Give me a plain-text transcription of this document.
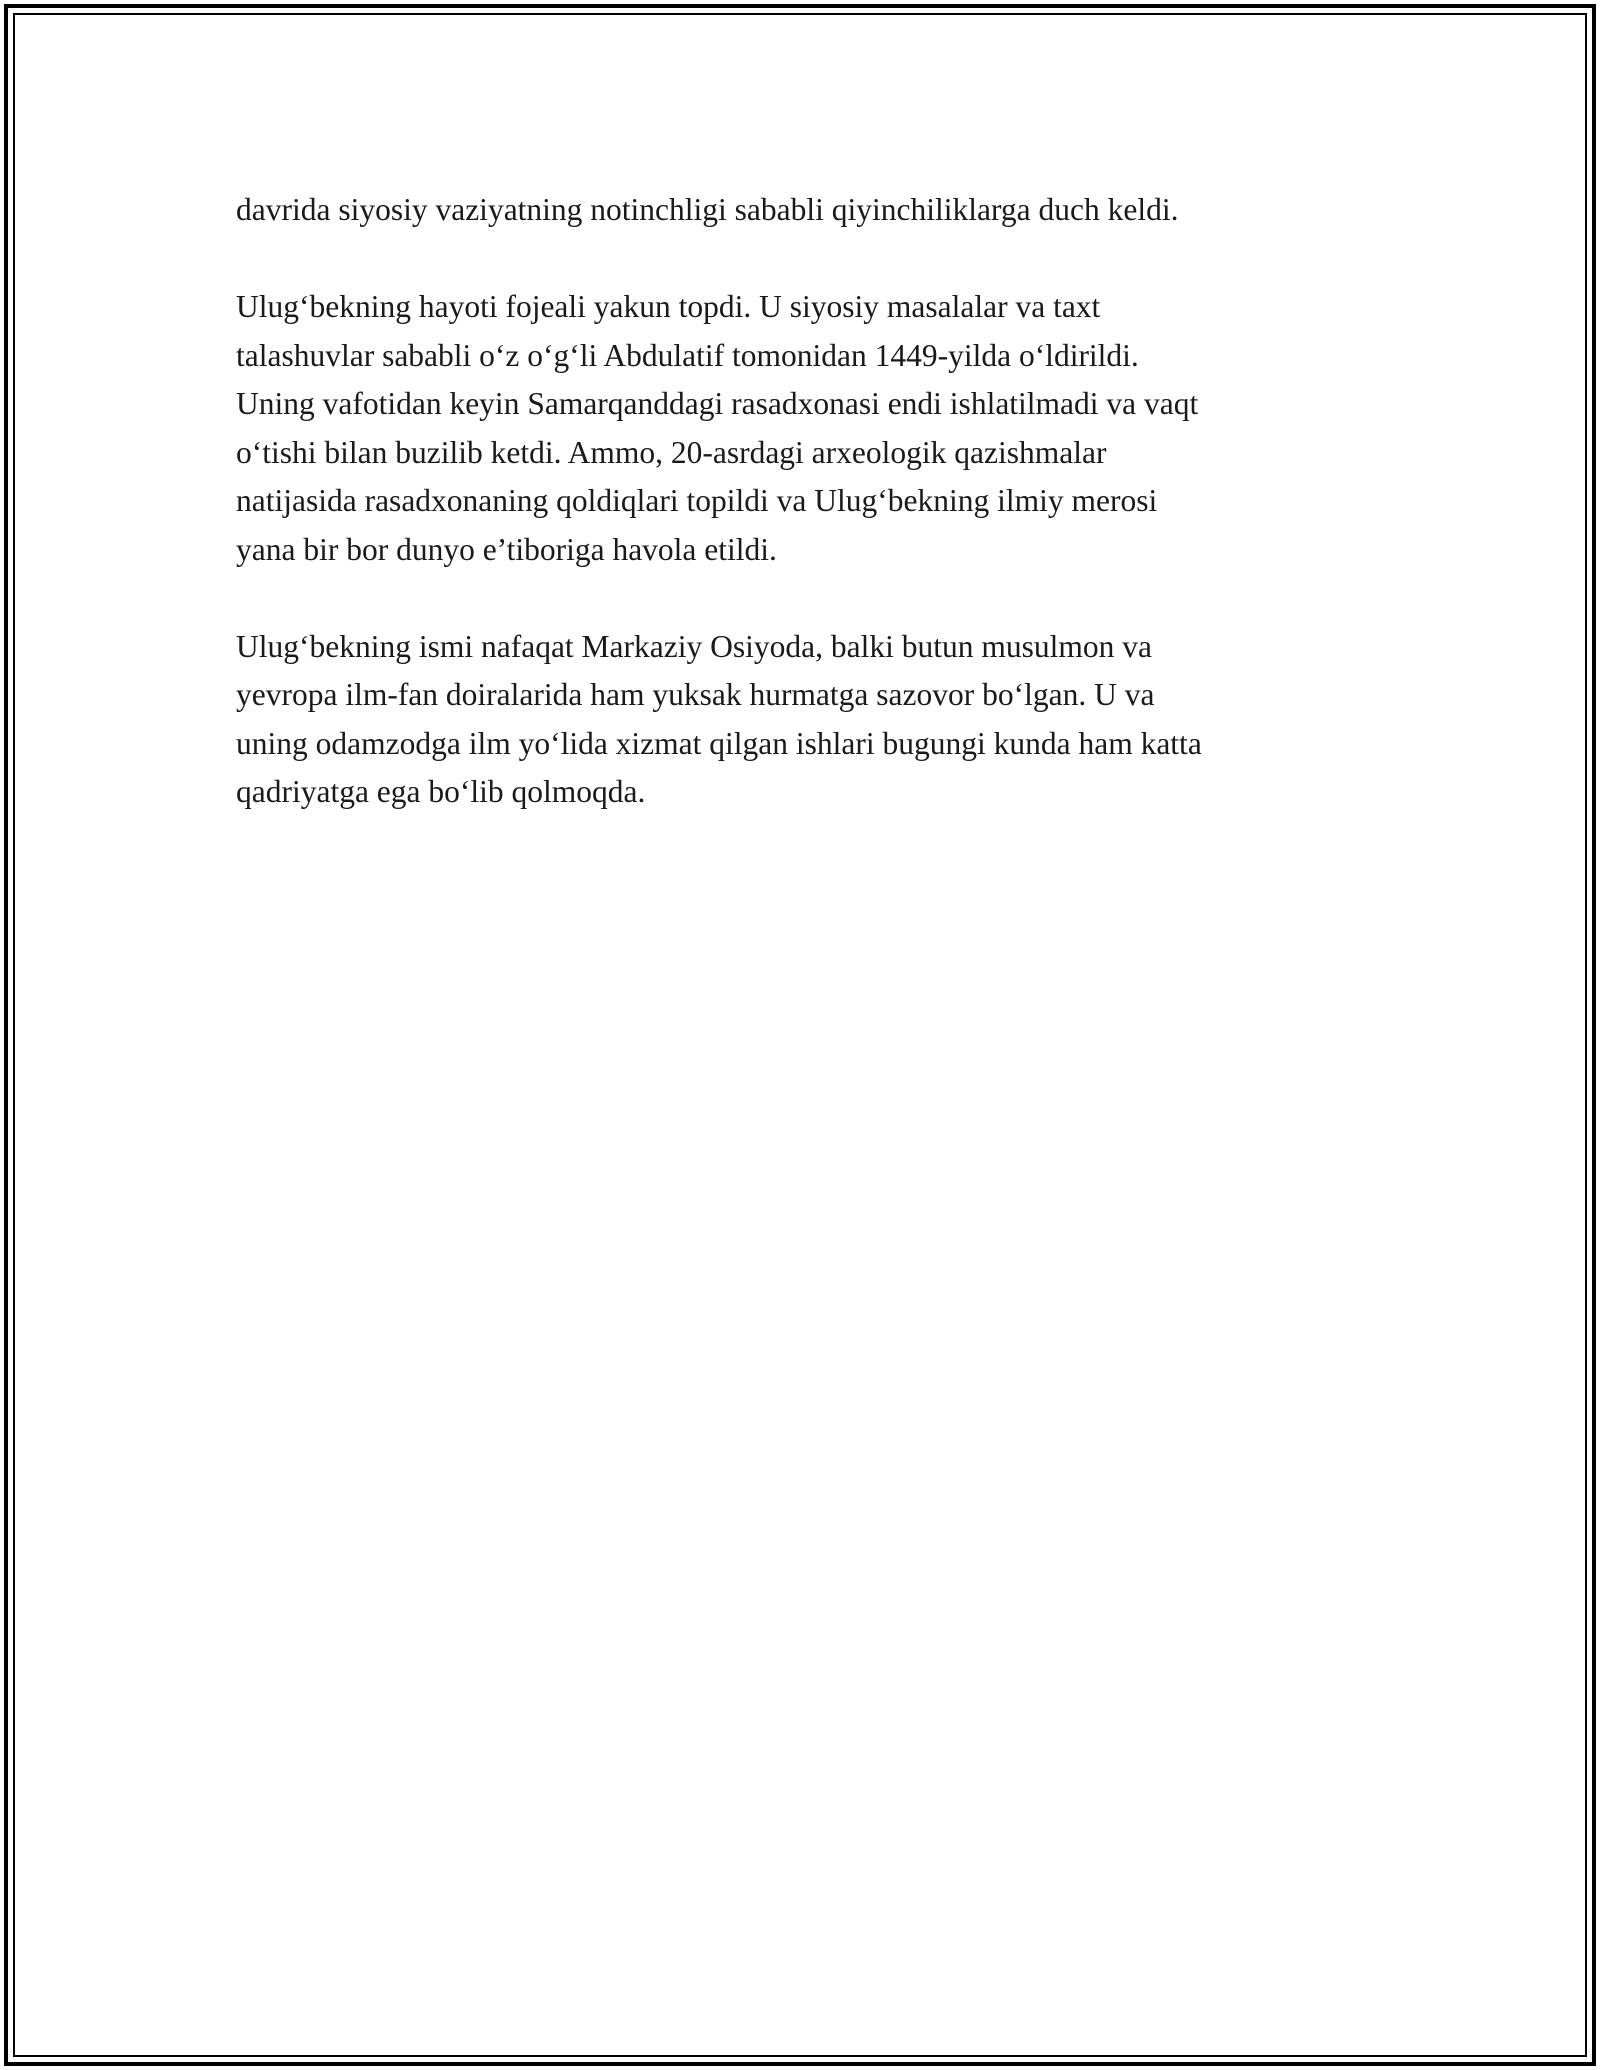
davrida siyosiy vaziyatning notinchligi sababli qiyinchiliklarga duch keldi.

Ulug‘bekning hayoti fojeali yakun topdi. U siyosiy masalalar va taxt
talashuvlar sababli o‘z o‘g‘li Abdulatif tomonidan 1449-yilda o‘ldirildi.
Uning vafotidan keyin Samarqanddagi rasadxonasi endi ishlatilmadi va vaqt
o‘tishi bilan buzilib ketdi. Ammo, 20-asrdagi arxeologik qazishmalar
natijasida rasadxonaning qoldiqlari topildi va Ulug‘bekning ilmiy merosi
yana bir bor dunyo e’tiboriga havola etildi.

Ulug‘bekning ismi nafaqat Markaziy Osiyoda, balki butun musulmon va
yevropa ilm-fan doiralarida ham yuksak hurmatga sazovor bo‘lgan. U va
uning odamzodga ilm yo‘lida xizmat qilgan ishlari bugungi kunda ham katta
qadriyatga ega bo‘lib qolmoqda.
